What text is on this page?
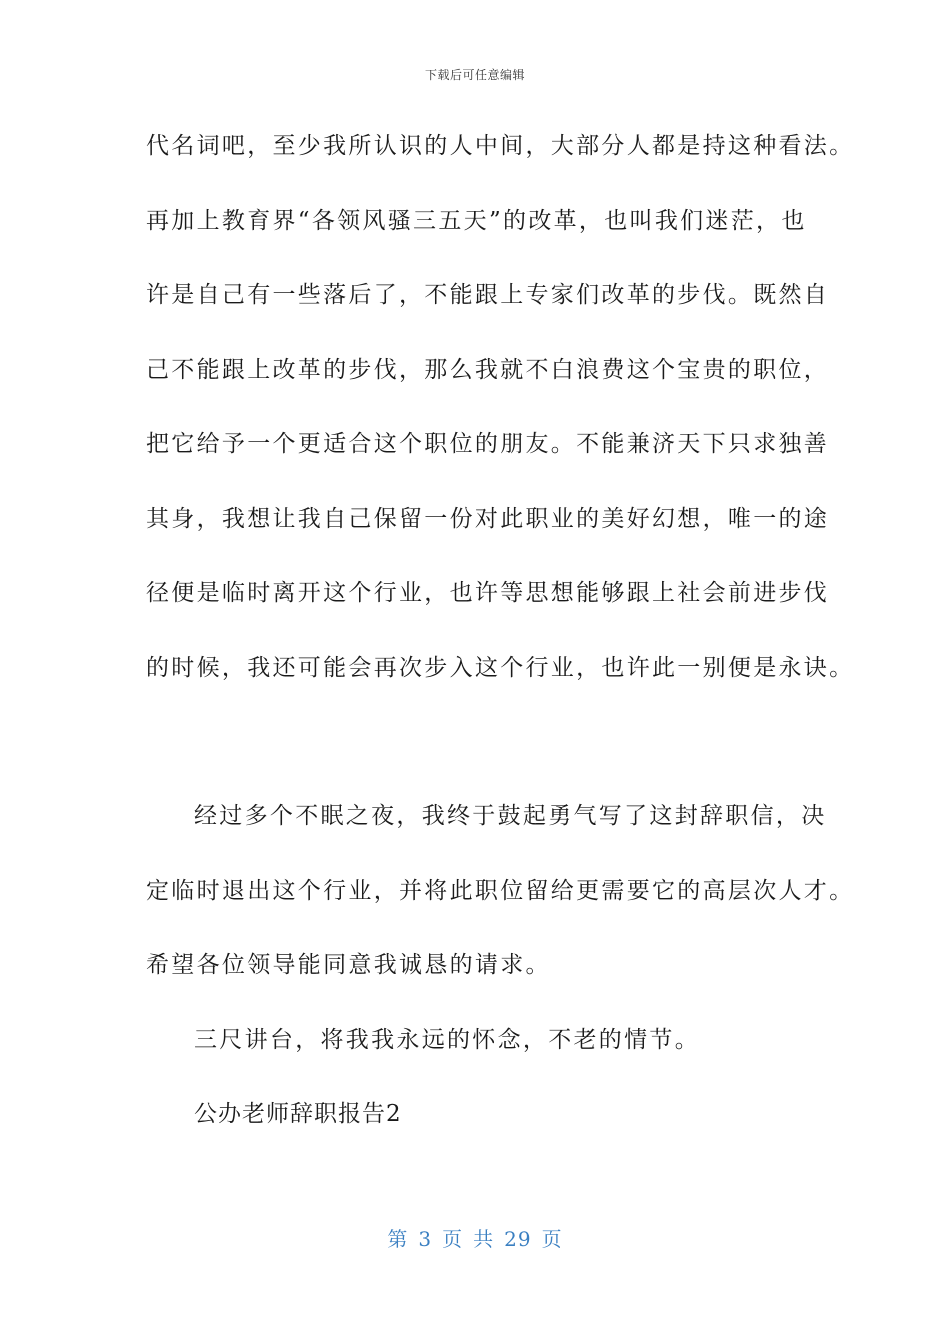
下载后可任意编辑
代名词吧，至少我所认识的人中间，大部分人都是持这种看法。
再加上教育界“各领风骚三五天”的改革，也叫我们迷茫，也
许是自己有一些落后了，不能跟上专家们改革的步伐。既然自
己不能跟上改革的步伐，那么我就不白浪费这个宝贵的职位，
把它给予一个更适合这个职位的朋友。不能兼济天下只求独善
其身，我想让我自己保留一份对此职业的美好幻想，唯一的途
径便是临时离开这个行业，也许等思想能够跟上社会前进步伐
的时候，我还可能会再次步入这个行业，也许此一别便是永诀。
经过多个不眠之夜，我终于鼓起勇气写了这封辞职信，决
定临时退出这个行业，并将此职位留给更需要它的高层次人才。
希望各位领导能同意我诚恳的请求。
三尺讲台，将我我永远的怀念，不老的情节。
公办老师辞职报告2
第 3 页 共 29 页
